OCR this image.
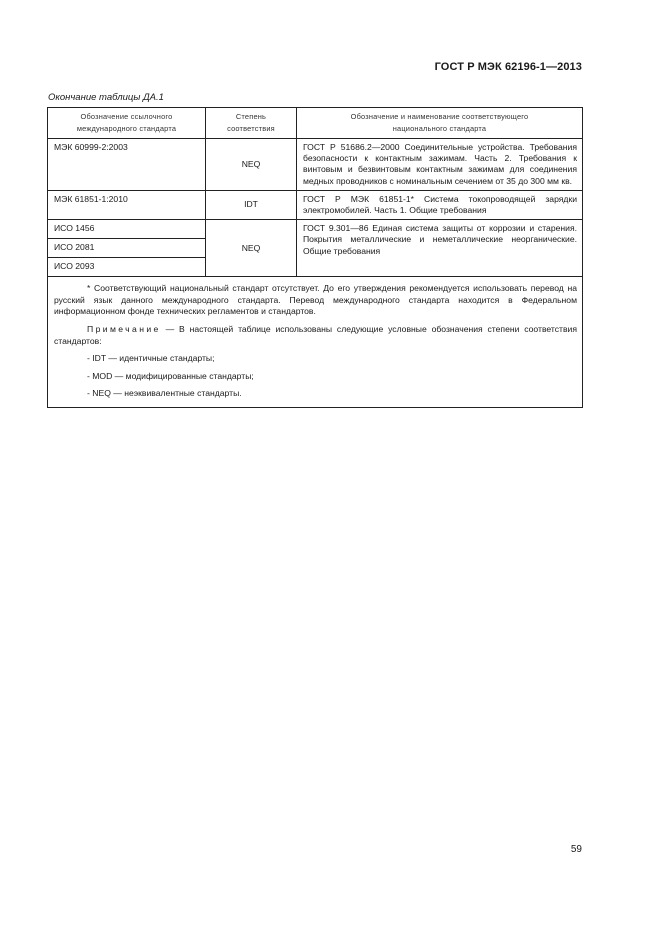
ГОСТ Р МЭК 62196-1—2013
Окончание таблицы ДА.1
Обозначение ссылочного международного стандарта	Степень соответствия	Обозначение и наименование соответствующего национального стандарта
МЭК 60999-2:2003	NEQ	ГОСТ Р 51686.2—2000 Соединительные устройства. Требования безопасности к контактным зажимам. Часть 2. Требования к винтовым и безвинтовым контактным зажимам для соединения медных проводников с номинальным сечением от 35 до 300 мм кв.
МЭК 61851-1:2010	IDT	ГОСТ Р МЭК 61851-1* Система токопроводящей зарядки электромобилей. Часть 1. Общие требования
ИСО 1456	NEQ	ГОСТ 9.301—86 Единая система защиты от коррозии и старения. Покрытия металлические и неметаллические неорганические. Общие требования
ИСО 2081		
ИСО 2093		

* Соответствующий национальный стандарт отсутствует. До его утверждения рекомендуется использовать перевод на русский язык данного международного стандарта. Перевод международного стандарта находится в Федеральном информационном фонде технических регламентов и стандартов.

Примечание — В настоящей таблице использованы следующие условные обозначения степени соответствия стандартов:

- IDT — идентичные стандарты;

- MOD — модифицированные стандарты;

- NEQ — неэквивалентные стандарты.		

59
